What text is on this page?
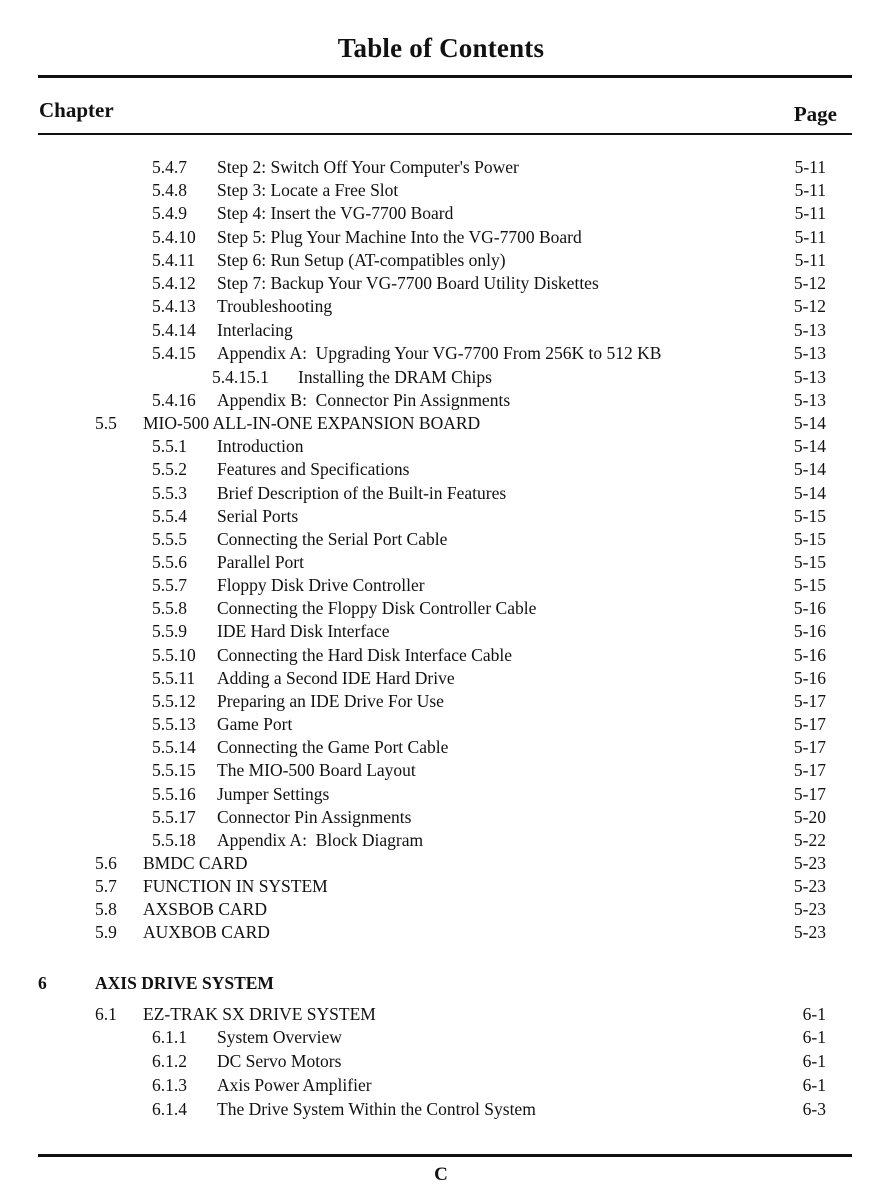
Table of Contents
Chapter	Page
5.4.7 Step 2: Switch Off Your Computer's Power	5-11
5.4.8 Step 3: Locate a Free Slot	5-11
5.4.9 Step 4: Insert the VG-7700 Board	5-11
5.4.10 Step 5: Plug Your Machine Into the VG-7700 Board	5-11
5.4.11 Step 6: Run Setup (AT-compatibles only)	5-11
5.4.12 Step 7: Backup Your VG-7700 Board Utility Diskettes	5-12
5.4.13 Troubleshooting	5-12
5.4.14 Interlacing	5-13
5.4.15 Appendix A:  Upgrading Your VG-7700 From 256K to 512 KB	5-13
5.4.15.1 Installing the DRAM Chips	5-13
5.4.16 Appendix B:  Connector Pin Assignments	5-13
5.5 MIO-500 ALL-IN-ONE EXPANSION BOARD	5-14
5.5.1 Introduction	5-14
5.5.2 Features and Specifications	5-14
5.5.3 Brief Description of the Built-in Features	5-14
5.5.4 Serial Ports	5-15
5.5.5 Connecting the Serial Port Cable	5-15
5.5.6 Parallel Port	5-15
5.5.7 Floppy Disk Drive Controller	5-15
5.5.8 Connecting the Floppy Disk Controller Cable	5-16
5.5.9 IDE Hard Disk Interface	5-16
5.5.10 Connecting the Hard Disk Interface Cable	5-16
5.5.11 Adding a Second IDE Hard Drive	5-16
5.5.12 Preparing an IDE Drive For Use	5-17
5.5.13 Game Port	5-17
5.5.14 Connecting the Game Port Cable	5-17
5.5.15 The MIO-500 Board Layout	5-17
5.5.16 Jumper Settings	5-17
5.5.17 Connector Pin Assignments	5-20
5.5.18 Appendix A:  Block Diagram	5-22
5.6 BMDC CARD	5-23
5.7 FUNCTION IN SYSTEM	5-23
5.8 AXSBOB CARD	5-23
5.9 AUXBOB CARD	5-23
6	AXIS DRIVE SYSTEM
6.1 EZ-TRAK SX DRIVE SYSTEM	6-1
6.1.1 System Overview	6-1
6.1.2 DC Servo Motors	6-1
6.1.3 Axis Power Amplifier	6-1
6.1.4 The Drive System Within the Control System	6-3
C
